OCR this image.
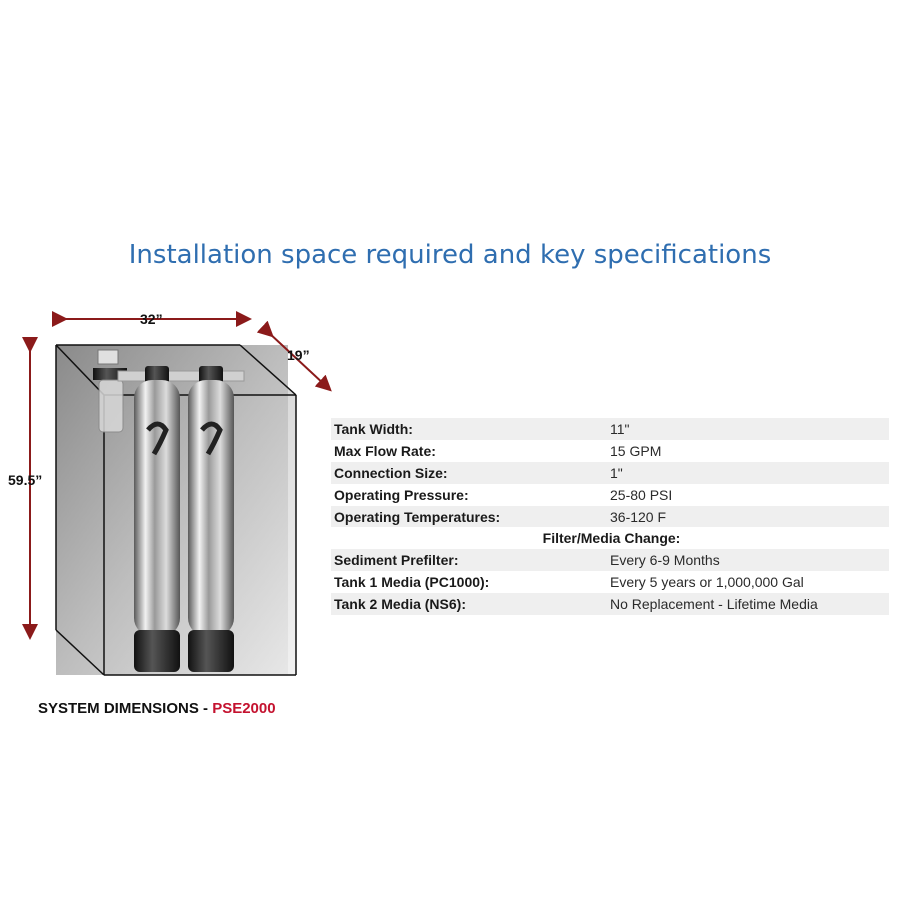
Installation space required and key specifications
32”
19”
59.5”
SYSTEM DIMENSIONS - PSE2000
Tank Width:	11"
Max Flow Rate:	15 GPM
Connection Size:	1"
Operating Pressure:	25-80 PSI
Operating Temperatures:	36-120 F
Filter/Media Change:	
Sediment Prefilter:	Every 6-9 Months
Tank 1 Media (PC1000):	Every 5 years or 1,000,000 Gal
Tank 2 Media (NS6):	No Replacement - Lifetime Media
